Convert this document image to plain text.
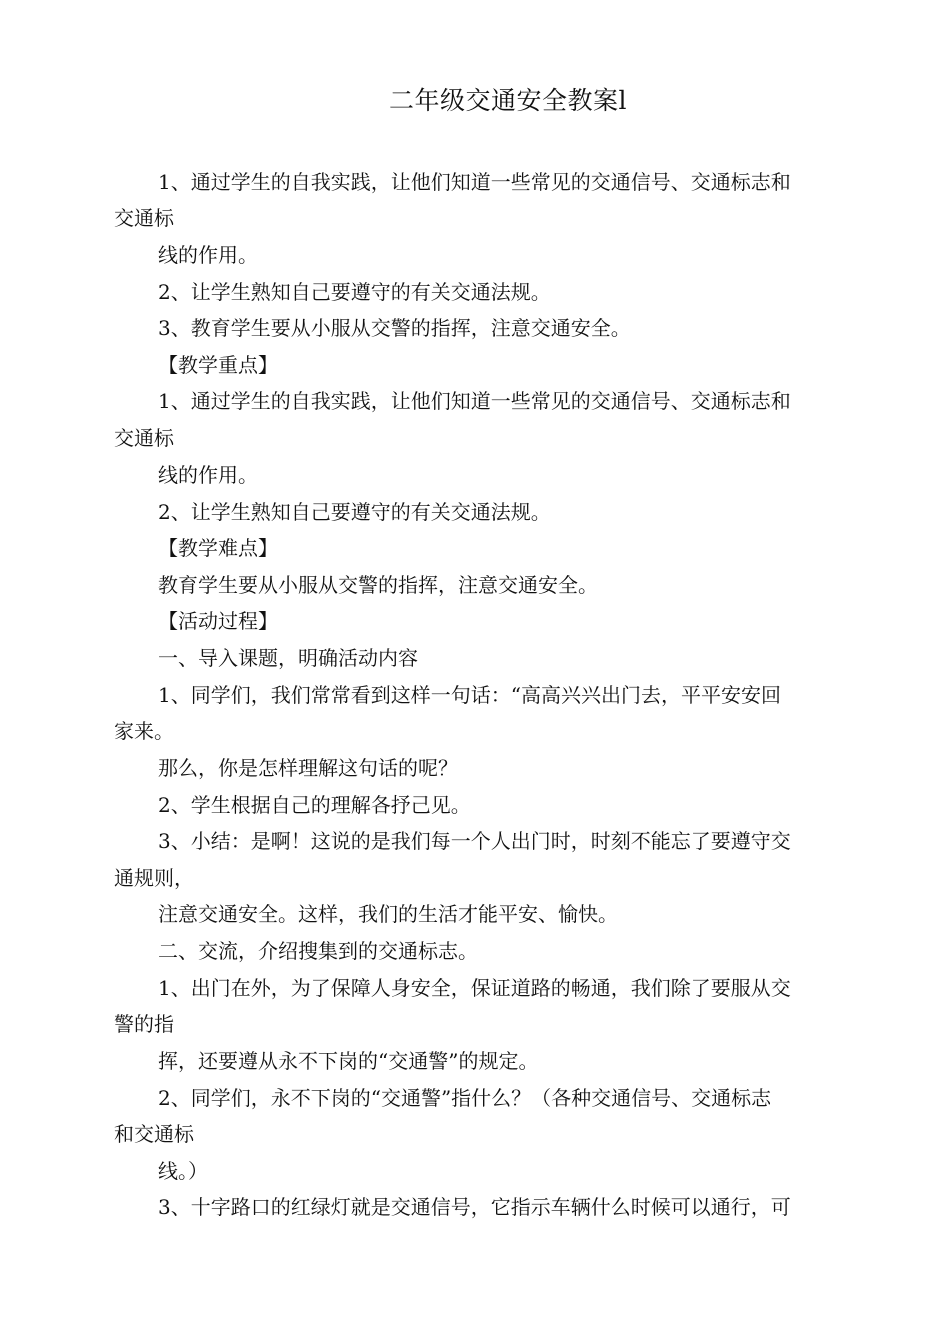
二年级交通安全教案l
1、通过学生的自我实践，让他们知道一些常见的交通信号、交通标志和
交通标
线的作用。
2、让学生熟知自己要遵守的有关交通法规。
3、教育学生要从小服从交警的指挥，注意交通安全。
【教学重点】
1、通过学生的自我实践，让他们知道一些常见的交通信号、交通标志和
交通标
线的作用。
2、让学生熟知自己要遵守的有关交通法规。
【教学难点】
教育学生要从小服从交警的指挥，注意交通安全。
【活动过程】
一、导入课题，明确活动内容
1、同学们，我们常常看到这样一句话：“高高兴兴出门去，平平安安回
家来。
那么，你是怎样理解这句话的呢？
2、学生根据自己的理解各抒己见。
3、小结：是啊！这说的是我们每一个人出门时，时刻不能忘了要遵守交
通规则，
注意交通安全。这样，我们的生活才能平安、愉快。
二、交流，介绍搜集到的交通标志。
1、出门在外，为了保障人身安全，保证道路的畅通，我们除了要服从交
警的指
挥，还要遵从永不下岗的“交通警”的规定。
2、同学们，永不下岗的“交通警”指什么？（各种交通信号、交通标志
和交通标
线。）
3、十字路口的红绿灯就是交通信号，它指示车辆什么时候可以通行，可
